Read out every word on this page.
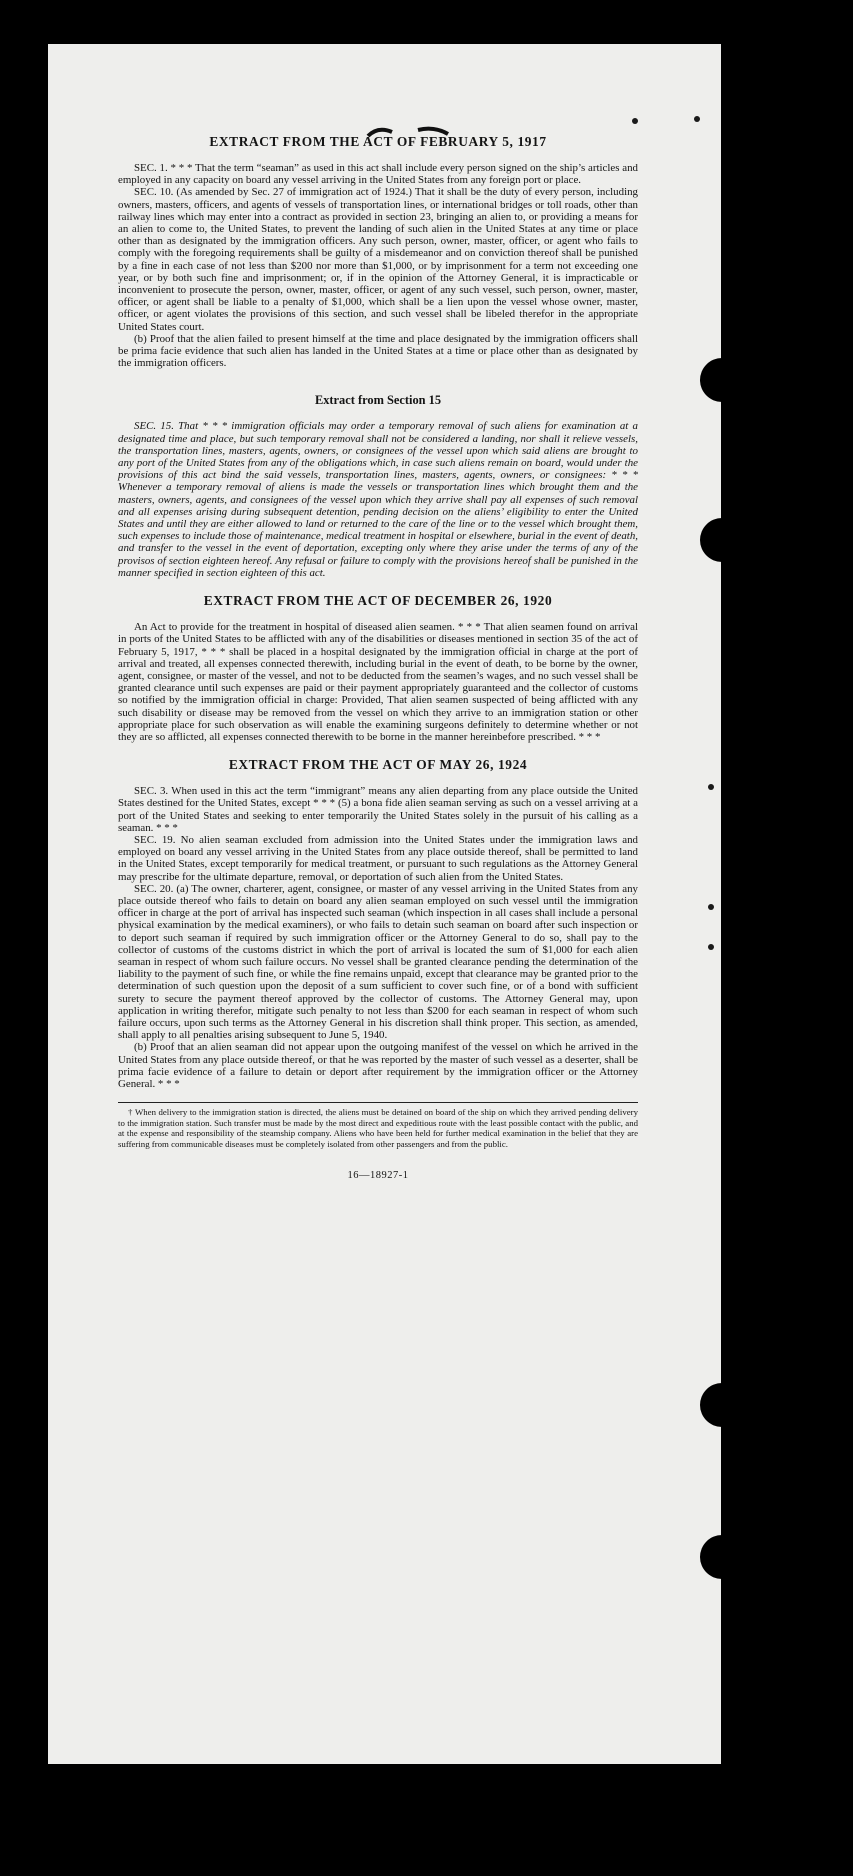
EXTRACT FROM THE ACT OF FEBRUARY 5, 1917

SEC. 1. * * * That the term “seaman” as used in this act shall include every person signed on the ship’s articles and employed in any capacity on board any vessel arriving in the United States from any foreign port or place.

SEC. 10. (As amended by Sec. 27 of immigration act of 1924.) That it shall be the duty of every person, including owners, masters, officers, and agents of vessels of transportation lines, or international bridges or toll roads, other than railway lines which may enter into a contract as provided in section 23, bringing an alien to, or providing a means for an alien to come to, the United States, to prevent the landing of such alien in the United States at any time or place other than as designated by the immigration officers. Any such person, owner, master, officer, or agent who fails to comply with the foregoing requirements shall be guilty of a misdemeanor and on conviction thereof shall be punished by a fine in each case of not less than $200 nor more than $1,000, or by imprisonment for a term not exceeding one year, or by both such fine and imprisonment; or, if in the opinion of the Attorney General, it is impracticable or inconvenient to prosecute the person, owner, master, officer, or agent of any such vessel, such person, owner, master, officer, or agent shall be liable to a penalty of $1,000, which shall be a lien upon the vessel whose owner, master, officer, or agent violates the provisions of this section, and such vessel shall be libeled therefor in the appropriate United States court.

(b) Proof that the alien failed to present himself at the time and place designated by the immigration officers shall be prima facie evidence that such alien has landed in the United States at a time or place other than as designated by the immigration officers.

Extract from Section 15

SEC. 15. That * * * immigration officials may order a temporary removal of such aliens for examination at a designated time and place, but such temporary removal shall not be considered a landing, nor shall it relieve vessels, the transportation lines, masters, agents, owners, or consignees of the vessel upon which said aliens are brought to any port of the United States from any of the obligations which, in case such aliens remain on board, would under the provisions of this act bind the said vessels, transportation lines, masters, agents, owners, or consignees: * * * Whenever a temporary removal of aliens is made the vessels or transportation lines which brought them and the masters, owners, agents, and consignees of the vessel upon which they arrive shall pay all expenses of such removal and all expenses arising during subsequent detention, pending decision on the aliens’ eligibility to enter the United States and until they are either allowed to land or returned to the care of the line or to the vessel which brought them, such expenses to include those of maintenance, medical treatment in hospital or elsewhere, burial in the event of death, and transfer to the vessel in the event of deportation, excepting only where they arise under the terms of any of the provisos of section eighteen hereof. Any refusal or failure to comply with the provisions hereof shall be punished in the manner specified in section eighteen of this act.

EXTRACT FROM THE ACT OF DECEMBER 26, 1920

An Act to provide for the treatment in hospital of diseased alien seamen. * * * That alien seamen found on arrival in ports of the United States to be afflicted with any of the disabilities or diseases mentioned in section 35 of the act of February 5, 1917, * * * shall be placed in a hospital designated by the immigration official in charge at the port of arrival and treated, all expenses connected therewith, including burial in the event of death, to be borne by the owner, agent, consignee, or master of the vessel, and not to be deducted from the seamen’s wages, and no such vessel shall be granted clearance until such expenses are paid or their payment appropriately guaranteed and the collector of customs so notified by the immigration official in charge: Provided, That alien seamen suspected of being afflicted with any such disability or disease may be removed from the vessel on which they arrive to an immigration station or other appropriate place for such observation as will enable the examining surgeons definitely to determine whether or not they are so afflicted, all expenses connected therewith to be borne in the manner hereinbefore prescribed. * * *

EXTRACT FROM THE ACT OF MAY 26, 1924

SEC. 3. When used in this act the term “immigrant” means any alien departing from any place outside the United States destined for the United States, except * * * (5) a bona fide alien seaman serving as such on a vessel arriving at a port of the United States and seeking to enter temporarily the United States solely in the pursuit of his calling as a seaman. * * *

SEC. 19. No alien seaman excluded from admission into the United States under the immigration laws and employed on board any vessel arriving in the United States from any place outside thereof, shall be permitted to land in the United States, except temporarily for medical treatment, or pursuant to such regulations as the Attorney General may prescribe for the ultimate departure, removal, or deportation of such alien from the United States.

SEC. 20. (a) The owner, charterer, agent, consignee, or master of any vessel arriving in the United States from any place outside thereof who fails to detain on board any alien seaman employed on such vessel until the immigration officer in charge at the port of arrival has inspected such seaman (which inspection in all cases shall include a personal physical examination by the medical examiners), or who fails to detain such seaman on board after such inspection or to deport such seaman if required by such immigration officer or the Attorney General to do so, shall pay to the collector of customs of the customs district in which the port of arrival is located the sum of $1,000 for each alien seaman in respect of whom such failure occurs. No vessel shall be granted clearance pending the determination of the liability to the payment of such fine, or while the fine remains unpaid, except that clearance may be granted prior to the determination of such question upon the deposit of a sum sufficient to cover such fine, or of a bond with sufficient surety to secure the payment thereof approved by the collector of customs. The Attorney General may, upon application in writing therefor, mitigate such penalty to not less than $200 for each seaman in respect of whom such failure occurs, upon such terms as the Attorney General in his discretion shall think proper. This section, as amended, shall apply to all penalties arising subsequent to June 5, 1940.

(b) Proof that an alien seaman did not appear upon the outgoing manifest of the vessel on which he arrived in the United States from any place outside thereof, or that he was reported by the master of such vessel as a deserter, shall be prima facie evidence of a failure to detain or deport after requirement by the immigration officer or the Attorney General. * * *

† When delivery to the immigration station is directed, the aliens must be detained on board of the ship on which they arrived pending delivery to the immigration station. Such transfer must be made by the most direct and expeditious route with the least possible contact with the public, and at the expense and responsibility of the steamship company. Aliens who have been held for further medical examination in the belief that they are suffering from communicable diseases must be completely isolated from other passengers and from the public.

16—18927-1
